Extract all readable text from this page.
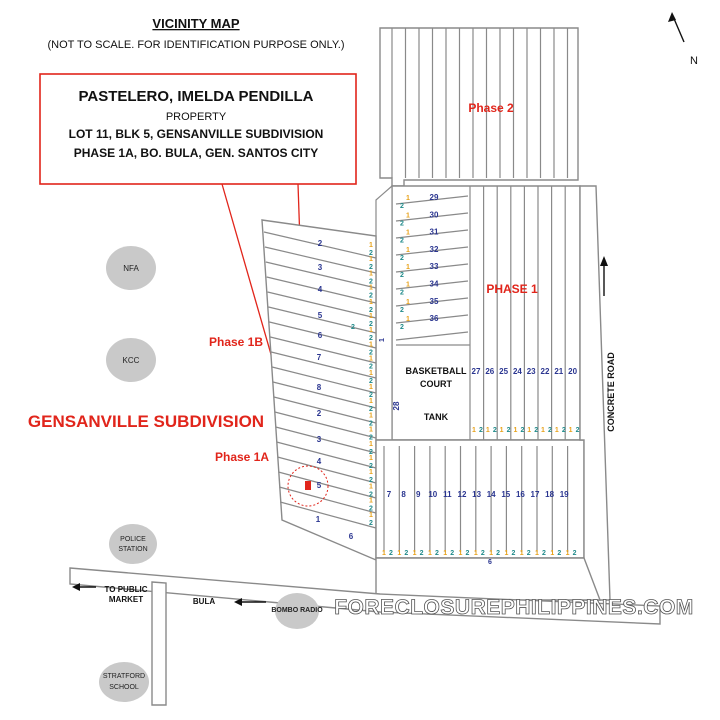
VICINITY MAP
(NOT TO SCALE. FOR IDENTIFICATION PURPOSE ONLY.)
N
PASTELERO, IMELDA PENDILLA
PROPERTY
LOT 11, BLK 5, GENSANVILLE SUBDIVISION
PHASE 1A, BO. BULA, GEN. SANTOS CITY
Phase 2
PHASE 1
BASKETBALL
COURT
TANK
28
Phase 1B
Phase 1A
GENSANVILLE SUBDIVISION	CONCRETE ROAD
NFA
KCC
POLICE
STATION
BOMBO RADIO
STRATFORD
SCHOOL
TO PUBLIC
MARKET	BULA
29
30
31
32
33
34
35
36
27 26 25 24 23 22 21 20
7 8 9 10 11 12 13 14 15 16 17 18 19
2
3
4
5
6
7
8
2
3
4
5
1
6
6
1
2
1
2
1
2
1
2
1
2
1
2
1
2
1
2
1
2
1
2
1
2
1
2
1
2
1
2
1
2
1
2
1
2
1
2
1
2
1
2
1
2
1
2
1
2
1
2
1
2
1
2
1
2
1
2
1 2 1 2 1 2 1 2 1 2 1 2 1 2 1 2
1 2 1 2 1 2 1 2 1 2 1 2 1 2 1 2 1 2 1 2 1 2 1 2 1 2
2
1
FORECLOSUREPHILIPPINES.COM
